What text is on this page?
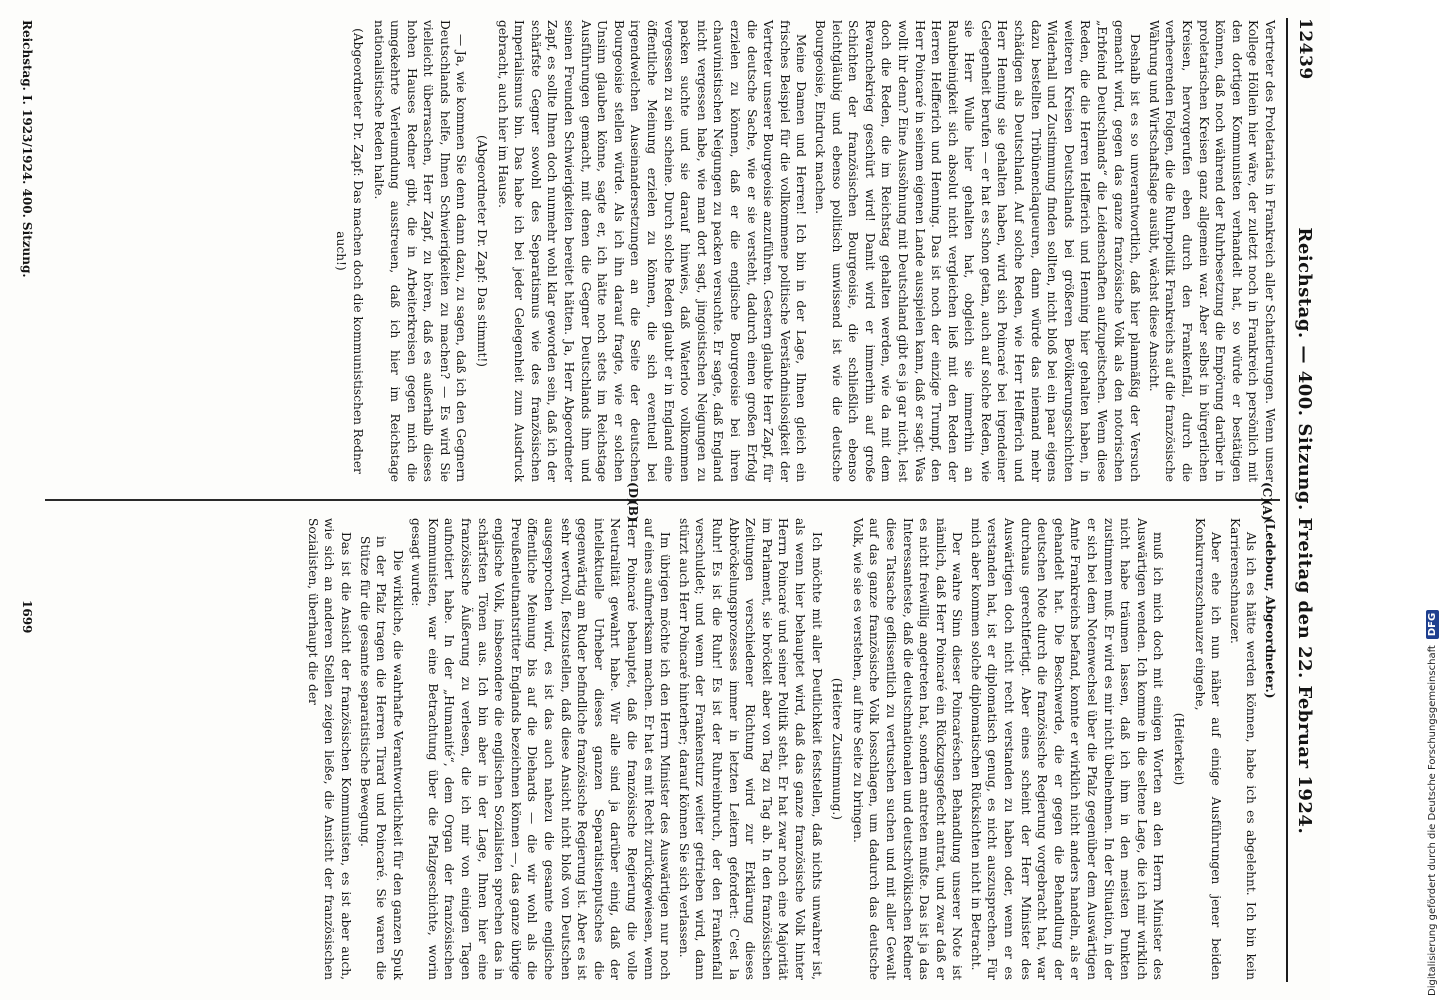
12439
Reichstag. — 400. Sitzung. Freitag den 22. Februar 1924.

Vertreter des Proletariats in Frankreich aller Schattierungen. Wenn unser Kollege Höllein hier wäre, der zuletzt noch in Frankreich persönlich mit den dortigen Kommunisten verhandelt hat, so würde er bestätigen können, daß noch während der Ruhrbesetzung die Empörung darüber in proletarischen Kreisen ganz allgemein war. Aber selbst in bürgerlichen Kreisen, hervorgerufen eben durch den Frankenfall, durch die verheerenden Folgen, die die Ruhrpolitik Frankreichs auf die französische Währung und Wirtschaftslage ausübt, wächst diese Ansicht.

Deshalb ist es so unverantwortlich, daß hier planmäßig der Versuch gemacht wird, gegen das ganze französische Volk als den notorischen „Erbfeind Deutschlands“ die Leidenschaften aufzupeitschen. Wenn diese Reden, die die Herren Helfferich und Henning hier gehalten haben, in weiteren Kreisen Deutschlands bei größeren Bevölkerungsschichten Widerhall und Zustimmung finden sollten, nicht bloß bei ein paar eigens dazu bestellten Tribünenclaqueuren, dann würde das niemand mehr schädigen als Deutschland. Auf solche Reden, wie Herr Helfferich und Herr Henning sie gehalten haben, wird sich Poincaré bei irgendeiner Gelegenheit berufen — er hat es schon getan, auch auf solche Reden, wie sie Herr Wulle hier gehalten hat, obgleich sie immerhin an Rauhbeinigkeit sich absolut nicht vergleichen ließ mit den Reden der Herren Helfferich und Henning. Das ist noch der einzige Trumpf, den Herr Poincaré in seinem eigenen Lande ausspielen kann, daß er sagt: Was wollt ihr denn? Eine Aussöhnung mit Deutschland gibt es ja gar nicht, lest doch die Reden, die im Reichstag gehalten werden, wie da mit dem Revanchekrieg geschürt wird! Damit wird er immerhin auf große Schichten der französischen Bourgeoisie, die schließlich ebenso leichtgläubig und ebenso politisch unwissend ist wie die deutsche Bourgeoisie, Eindruck machen.

Meine Damen und Herren! Ich bin in der Lage, Ihnen gleich ein frisches Beispiel für die vollkommene politische Verständnislosigkeit der Vertreter unserer Bourgeoisie anzuführen. Gestern glaubte Herr Zapf, für die deutsche Sache, wie er sie versteht, dadurch einen großen Erfolg erzielen zu können, daß er die englische Bourgeoisie bei ihren chauvinistischen Neigungen zu packen versuchte. Er sagte, daß England nicht vergessen habe, wie man dort sagt, jingoistischen Neigungen zu packen suchte und sie darauf hinwies, daß Waterloo vollkommen vergessen zu sein scheine. Durch solche Reden glaubt er in England eine öffentliche Meinung erzielen zu können, die sich eventuell bei irgendwelchen Auseinandersetzungen an die Seite der deutschen Bourgeoisie stellen würde. Als ich ihn darauf fragte, wie er solchen Unsinn glauben könne, sagte er, ich hätte noch stets im Reichstage Ausführungen gemacht, mit denen die Gegner Deutschlands ihm und seinen Freunden Schwierigkeiten bereitet hätten. Ja, Herr Abgeordneter Zapf, es sollte Ihnen doch nunmehr wohl klar geworden sein, daß ich der schärfste Gegner sowohl des Separatismus wie des französischen Imperialismus bin. Das habe ich bei jeder Gelegenheit zum Ausdruck gebracht, auch hier im Hause.

(Abgeordneter Dr. Zapf: Das stimmt!)

— Ja, wie kommen Sie denn dann dazu, zu sagen, daß ich den Gegnern Deutschlands helfe, Ihnen Schwierigkeiten zu machen? — Es wird Sie vielleicht überraschen, Herr Zapf, zu hören, daß es außerhalb dieses hohen Hauses Redner gibt, die in Arbeiterkreisen gegen mich die umgekehrte Verleumdung ausstreuen, daß ich hier im Reichstage nationalistische Reden halte.

(Abgeordneter Dr. Zapf: Das machen doch die kommunistischen Redner auch!)

(Ledebour, Abgeordneter.)

Als ich es hätte werden können, habe ich es abgelehnt. Ich bin kein Karrierenschnauzer.

Aber ehe ich nun näher auf einige Ausführungen jener beiden Konkurrenzschnauzer eingehe,

(Heiterkeit)

muß ich mich doch mit einigen Worten an den Herrn Minister des Auswärtigen wenden. Ich komme in die seltene Lage, die ich mir wirklich nicht habe träumen lassen, daß ich ihm in den meisten Punkten zustimmen muß. Er wird es mir nicht übelnehmen. In der Situation, in der er sich bei dem Notenwechsel über die Pfalz gegenüber dem Auswärtigen Amte Frankreichs befand, konnte er wirklich nicht anders handeln, als er gehandelt hat. Die Beschwerde, die er gegen die Behandlung der deutschen Note durch die französische Regierung vorgebracht hat, war durchaus gerechtfertigt. Aber eines scheint der Herr Minister des Auswärtigen doch nicht recht verstanden zu haben oder, wenn er es verstanden hat, ist er diplomatisch genug, es nicht auszusprechen. Für mich aber kommen solche diplomatischen Rücksichten nicht in Betracht.

Der wahre Sinn dieser Poincaréschen Behandlung unserer Note ist nämlich, daß Herr Poincaré ein Rückzugsgefecht antrat, und zwar daß er es nicht freiwillig angetreten hat, sondern antreten mußte. Das ist ja das Interessanteste, daß die deutschnationalen und deutschvölkischen Redner diese Tatsache geflissentlich zu vertuschen suchen und mit aller Gewalt auf das ganze französische Volk losschlagen, um dadurch das deutsche Volk, wie sie es verstehen, auf ihre Seite zu bringen.

(Heitere Zustimmung.)

Ich möchte mit aller Deutlichkeit feststellen, daß nichts unwahrer ist, als wenn hier behauptet wird, daß das ganze französische Volk hinter Herrn Poincaré und seiner Politik steht. Er hat zwar noch eine Majorität im Parlament, sie bröckelt aber von Tag zu Tag ab. In den französischen Zeitungen verschiedener Richtung wird zur Erklärung dieses Abbröckelungsprozesses immer in letzten Leitern gefordert: C'est la Ruhr! Es ist die Ruhr! Es ist der Ruhreinbruch, der den Frankenfall verschuldet; und wenn der Frankensturz weiter getrieben wird, dann stürzt auch Herr Poincaré hinterher; darauf können Sie sich verlassen.

Im übrigen möchte ich den Herrn Minister des Auswärtigen nur noch auf eines aufmerksam machen. Er hat es mit Recht zurückgewiesen, wenn Herr Poincaré behauptet, daß die französische Regierung die volle Neutralität gewahrt habe. Wir alle sind ja darüber einig, daß der intellektuelle Urheber dieses ganzen Separatistenputsches die gegenwärtig am Ruder befindliche französische Regierung ist. Aber es ist sehr wertvoll, festzustellen, daß diese Ansicht nicht bloß von Deutschen ausgesprochen wird, es ist das auch nahezu die gesamte englische öffentliche Meinung bis auf die Diehards — die wir wohl als die Preußenleutnantsritter Englands bezeichnen können —, das ganze übrige englische Volk, insbesondere die englischen Sozialisten sprechen das in schärfsten Tönen aus. Ich bin aber in der Lage, Ihnen hier eine französische Äußerung zu verlesen, die ich mir von einigen Tagen aufnotiert habe. In der „Humanité“, dem Organ der französischen Kommunisten, war eine Betrachtung über die Pfalzgeschichte, worin gesagt wurde:

Die wirkliche, die wahrhafte Verantwortlichkeit für den ganzen Spuk in der Pfalz tragen die Herren Tirard und Poincaré. Sie waren die Stütze für die gesamte separatistische Bewegung.

Das ist die Ansicht der französischen Kommunisten, es ist aber auch, wie sich an anderen Stellen zeigen ließe, die Ansicht der französischen Sozialisten, überhaupt die der

(A)
(B)
(C)
(D)
Reichstag. I. 1923/1924. 400. Sitzung.
1699
Digitalisierung gefördert durch die Deutsche Forschungsgemeinschaft
DFG
